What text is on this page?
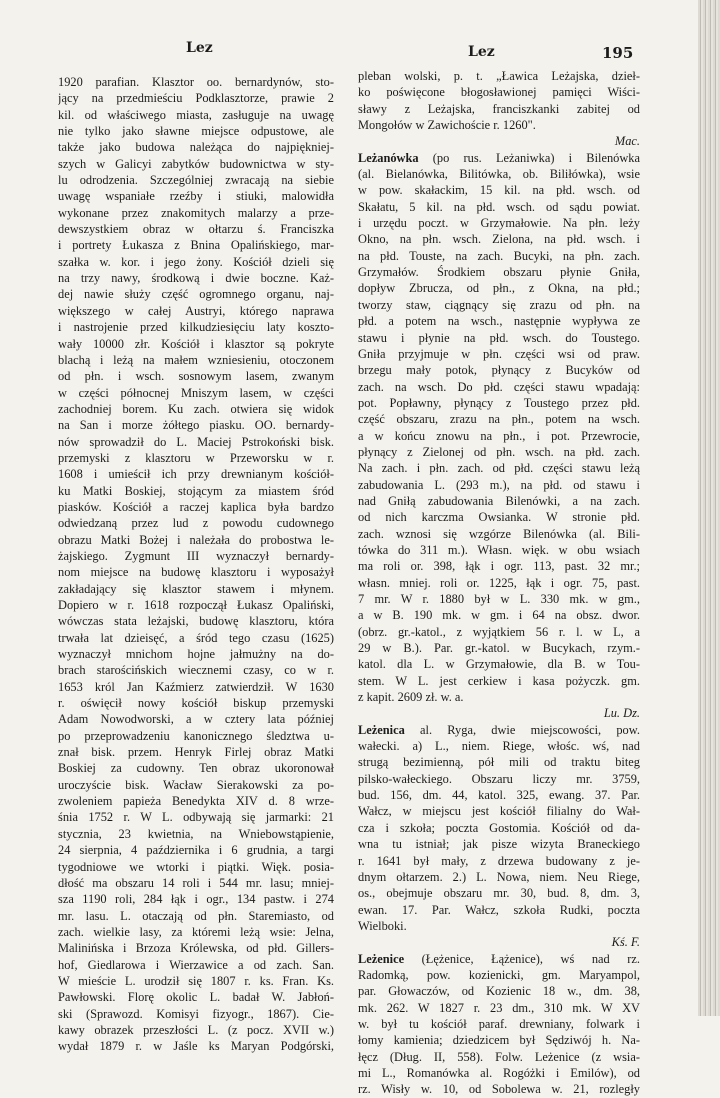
Lez	Lez	195
1920 parafian. Klasztor oo. bernardynów, sto-
jący na przedmieściu Podklasztorze, prawie 2
kil. od właściwego miasta, zasługuje na uwagę
nie tylko jako sławne miejsce odpustowe, ale
także jako budowa należąca do najpiękniej-
szych w Galicyi zabytków budownictwa w sty-
lu odrodzenia. Szczególniej zwracają na siebie
uwagę wspaniałe rzeźby i stiuki, malowidła
wykonane przez znakomitych malarzy a prze-
dewszystkiem obraz w ołtarzu ś. Franciszka
i portrety Łukasza z Bnina Opalińskiego, mar-
szałka w. kor. i jego żony. Kościół dzieli się
na trzy nawy, środkową i dwie boczne. Każ-
dej nawie służy część ogromnego organu, naj-
większego w całej Austryi, którego naprawa
i nastrojenie przed kilkudziesięciu laty koszto-
wały 10000 złr. Kościół i klasztor są pokryte
blachą i leżą na małem wzniesieniu, otoczonem
od płn. i wsch. sosnowym lasem, zwanym
w części północnej Mniszym lasem, w części
zachodniej borem. Ku zach. otwiera się widok
na San i morze żółtego piasku. OO. bernardy-
nów sprowadził do L. Maciej Pstrokoński bisk.
przemyski z klasztoru w Przeworsku w r.
1608 i umieścił ich przy drewnianym kościół-
ku Matki Boskiej, stojącym za miastem śród
piasków. Kościół a raczej kaplica była bardzo
odwiedzaną przez lud z powodu cudownego
obrazu Matki Bożej i należała do probostwa le-
żajskiego. Zygmunt III wyznaczył bernardy-
nom miejsce na budowę klasztoru i wyposażył
zakładający się klasztor stawem i młynem.
Dopiero w r. 1618 rozpoczął Łukasz Opaliński,
wówczas stata leżajski, budowę klasztoru, która
trwała lat dzieisęć, a śród tego czasu (1625)
wyznaczył mnichom hojne jałmużny na do-
brach starościńskich wiecznemi czasy, co w r.
1653 król Jan Kaźmierz zatwierdził. W 1630
r. oświęcił nowy kościół biskup przemyski
Adam Nowodworski, a w cztery lata później
po przeprowadzeniu kanonicznego śledztwa u-
znał bisk. przem. Henryk Firlej obraz Matki
Boskiej za cudowny. Ten obraz ukoronował
uroczyście bisk. Wacław Sierakowski za po-
zwoleniem papieża Benedykta XIV d. 8 wrze-
śnia 1752 r. W L. odbywają się jarmarki: 21
stycznia, 23 kwietnia, na Wniebowstąpienie,
24 sierpnia, 4 października i 6 grudnia, a targi
tygodniowe we wtorki i piątki. Więk. posia-
dłość ma obszaru 14 roli i 544 mr. lasu; mniej-
sza 1190 roli, 284 łąk i ogr., 134 pastw. i 274
mr. lasu. L. otaczają od płn. Staremiasto, od
zach. wielkie lasy, za któremi leżą wsie: Jelna,
Malinińska i Brzoza Królewska, od płd. Gillers-
hof, Giedlarowa i Wierzawice a od zach. San.
W mieście L. urodził się 1807 r. ks. Fran. Ks.
Pawłowski. Florę okolic L. badał W. Jabłoń-
ski (Sprawozd. Komisyi fizyogr., 1867). Cie-
kawy obrazek przeszłości L. (z pocz. XVII w.)
wydał 1879 r. w Jaśle ks Maryan Podgórski,
pleban wolski, p. t. „Ławica Leżajska, dzieł-
ko poświęcone błogosławionej pamięci Wiści-
sławy z Leżajska, franciszkanki zabitej od
Mongołów w Zawichoście r. 1260".
Mac.
Leżanówka (po rus. Leżaniwka) i Bilenówka
(al. Bielanówka, Bilitówka, ob. Biliłówka), wsie
w pow. skałackim, 15 kil. na płd. wsch. od
Skałatu, 5 kil. na płd. wsch. od sądu powiat.
i urzędu poczt. w Grzymałowie. Na płn. leży
Okno, na płn. wsch. Zielona, na płd. wsch. i
na płd. Touste, na zach. Bucyki, na płn. zach.
Grzymałów. Środkiem obszaru płynie Gniła,
dopływ Zbrucza, od płn., z Okna, na płd.;
tworzy staw, ciągnący się zrazu od płn. na
płd. a potem na wsch., następnie wypływa ze
stawu i płynie na płd. wsch. do Toustego.
Gniła przyjmuje w płn. części wsi od praw.
brzegu mały potok, płynący z Bucyków od
zach. na wsch. Do płd. części stawu wpadają:
pot. Popławny, płynący z Toustego przez płd.
część obszaru, zrazu na płn., potem na wsch.
a w końcu znowu na płn., i pot. Przewrocie,
płynący z Zielonej od płn. wsch. na płd. zach.
Na zach. i płn. zach. od płd. części stawu leżą
zabudowania L. (293 m.), na płd. od stawu i
nad Gniłą zabudowania Bilenówki, a na zach.
od nich karczma Owsianka. W stronie płd.
zach. wznosi się wzgórze Bilenówka (al. Bili-
tówka do 311 m.). Własn. więk. w obu wsiach
ma roli or. 398, łąk i ogr. 113, past. 32 mr.;
własn. mniej. roli or. 1225, łąk i ogr. 75, past.
7 mr. W r. 1880 był w L. 330 mk. w gm.,
a w B. 190 mk. w gm. i 64 na obsz. dwor.
(obrz. gr.-katol., z wyjątkiem 56 r. l. w L, a
29 w B.). Par. gr.-katol. w Bucykach, rzym.-
katol. dla L. w Grzymałowie, dla B. w Tou-
stem. W L. jest cerkiew i kasa pożyczk. gm.
z kapit. 2609 zł. w. a.
Lu. Dz.
Leżenica al. Ryga, dwie miejscowości, pow.
wałecki. a) L., niem. Riege, włośc. wś, nad
strugą bezimienną, pół mili od traktu biteg
pilsko-wałeckiego. Obszaru liczy mr. 3759,
bud. 156, dm. 44, katol. 325, ewang. 37. Par.
Wałcz, w miejscu jest kościół filialny do Wał-
cza i szkoła; poczta Gostomia. Kościół od da-
wna tu istniał; jak pisze wizyta Braneckiego
r. 1641 był mały, z drzewa budowany z je-
dnym ołtarzem. 2.) L. Nowa, niem. Neu Riege,
os., obejmuje obszaru mr. 30, bud. 8, dm. 3,
ewan. 17. Par. Wałcz, szkoła Rudki, poczta
Wielboki.
Kś. F.
Leżenice (Łężenice, Łążenice), wś nad rz.
Radomką, pow. kozienicki, gm. Maryampol,
par. Głowaczów, od Kozienic 18 w., dm. 38,
mk. 262. W 1827 r. 23 dm., 310 mk. W XV
w. był tu kościół paraf. drewniany, folwark i
łomy kamienia; dziedzicem był Sędziwój h. Na-
łęcz (Dług. II, 558). Folw. Leżenice (z wsia-
mi L., Romanówka al. Rogóżki i Emilów), od
rz. Wisły w. 10, od Sobolewa w. 21, rozległy
